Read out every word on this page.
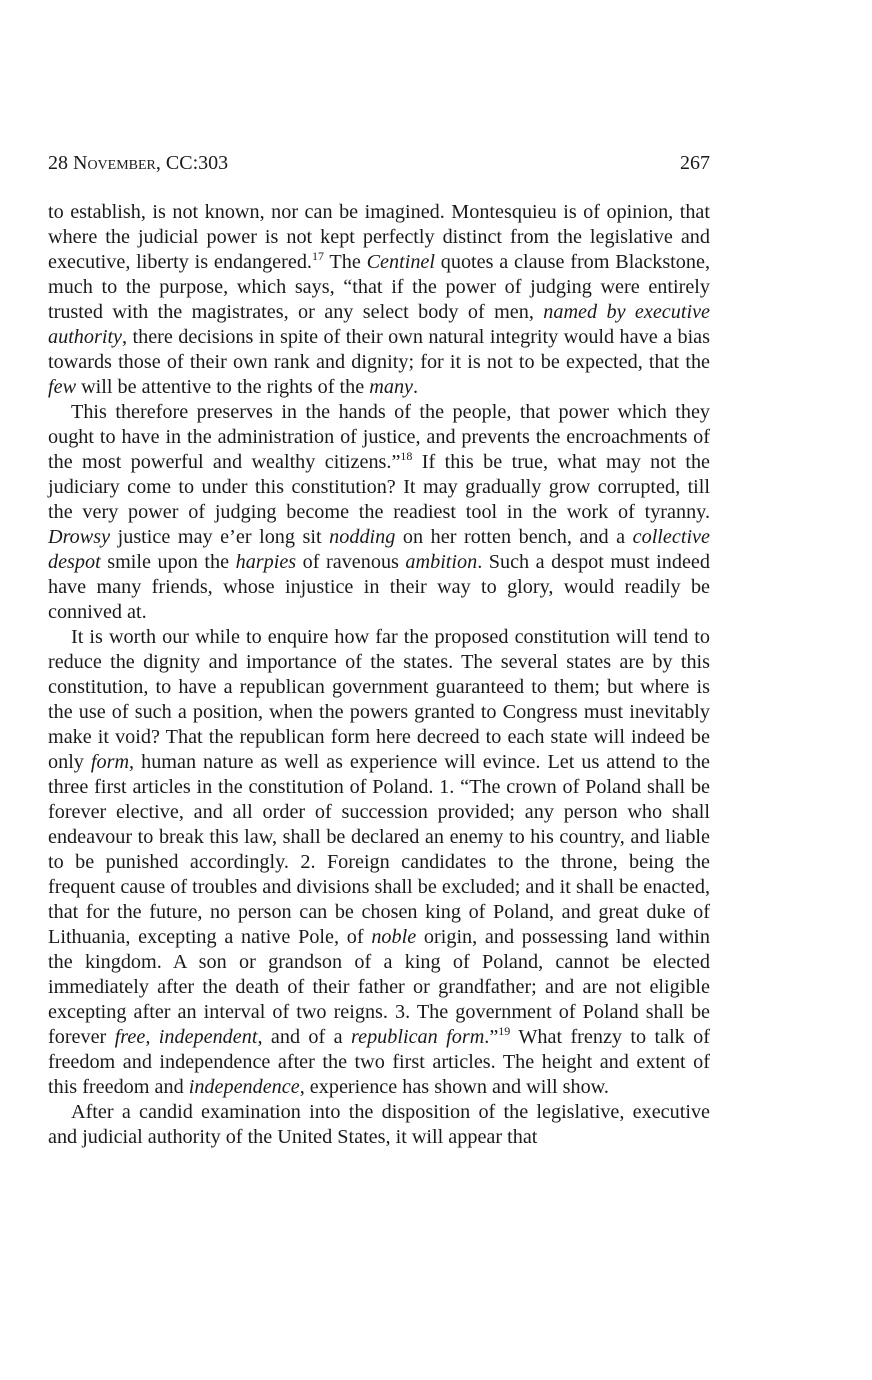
28 November, CC:303	267

to establish, is not known, nor can be imagined. Montesquieu is of opinion, that where the judicial power is not kept perfectly distinct from the legislative and executive, liberty is endangered.$^{17}$ The Centinel quotes a clause from Blackstone, much to the purpose, which says, “that if the power of judging were entirely trusted with the magistrates, or any select body of men, named by executive authority, there decisions in spite of their own natural integrity would have a bias towards those of their own rank and dignity; for it is not to be expected, that the few will be attentive to the rights of the many.

This therefore preserves in the hands of the people, that power which they ought to have in the administration of justice, and prevents the encroachments of the most powerful and wealthy citizens.”$^{18}$ If this be true, what may not the judiciary come to under this constitution? It may gradually grow corrupted, till the very power of judging become the readiest tool in the work of tyranny. Drowsy justice may e’er long sit nodding on her rotten bench, and a collective despot smile upon the harpies of ravenous ambition. Such a despot must indeed have many friends, whose injustice in their way to glory, would readily be connived at.

It is worth our while to enquire how far the proposed constitution will tend to reduce the dignity and importance of the states. The several states are by this constitution, to have a republican government guaranteed to them; but where is the use of such a position, when the powers granted to Congress must inevitably make it void? That the republican form here decreed to each state will indeed be only form, human nature as well as experience will evince. Let us attend to the three first articles in the constitution of Poland. 1. “The crown of Poland shall be forever elective, and all order of succession provided; any person who shall endeavour to break this law, shall be declared an enemy to his country, and liable to be punished accordingly. 2. Foreign candidates to the throne, being the frequent cause of troubles and divisions shall be excluded; and it shall be enacted, that for the future, no person can be chosen king of Poland, and great duke of Lithuania, excepting a native Pole, of noble origin, and possessing land within the kingdom. A son or grandson of a king of Poland, cannot be elected immediately after the death of their father or grandfather; and are not eligible excepting after an interval of two reigns. 3. The government of Poland shall be forever free, independent, and of a republican form.”$^{19}$ What frenzy to talk of freedom and independence after the two first articles. The height and extent of this freedom and independence, experience has shown and will show.

After a candid examination into the disposition of the legislative, executive and judicial authority of the United States, it will appear that
